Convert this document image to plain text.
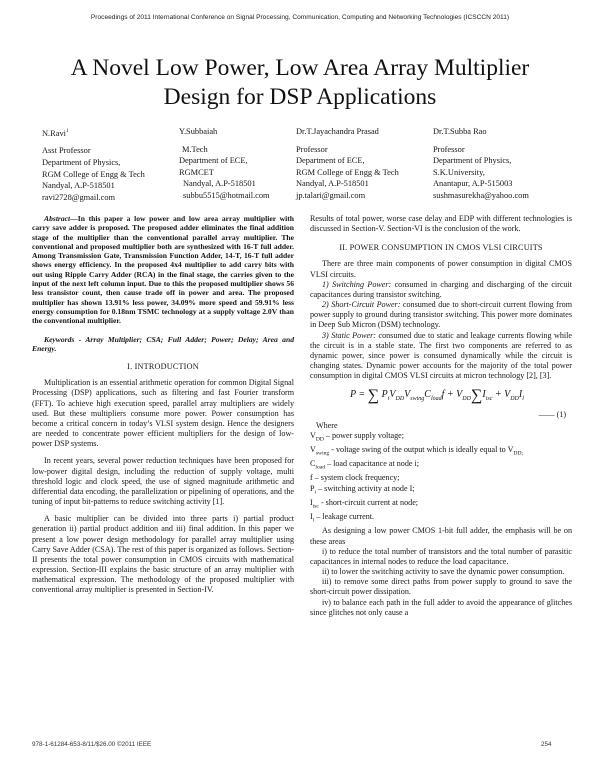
Proceedings of 2011 International Conference on Signal Processing, Communication, Computing and Networking Technologies (ICSCCN 2011)
A Novel Low Power, Low Area Array Multiplier
Design for DSP Applications
N.Ravi$^1$
Asst Professor
Department of Physics,
RGM College of Engg & Tech
Nandyal, A.P-518501
ravi2728@gmail.com
Y.Subbaiah
M.Tech
Department of ECE,
RGMCET
Nandyal, A.P-518501
subbu5515@hotmail.com
Dr.T.Jayachandra Prasad
Professor
Department of ECE,
RGM College of Engg & Tech
Nandyal, A.P-518501
jp.talari@gmail.com
Dr.T.Subba Rao
Professor
Department of Physics,
S.K.University,
Anantapur, A.P-515003
sushmasurekha@yahoo.com

Abstract—In this paper a low power and low area array multiplier with carry save adder is proposed. The proposed adder eliminates the final addition stage of the multiplier than the conventional parallel array multiplier. The conventional and proposed multiplier both are synthesized with 16-T full adder. Among Transmission Gate, Transmission Function Adder, 14-T, 16-T full adder shows energy efficiency. In the proposed 4x4 multiplier to add carry bits with out using Ripple Carry Adder (RCA) in the final stage, the carries given to the input of the next left column input. Due to this the proposed multiplier shows 56 less transistor count, then cause trade off in power and area. The proposed multiplier has shown 13.91% less power, 34.09% more speed and 59.91% less energy consumption for 0.18nm TSMC technology at a supply voltage 2.0V than the conventional multiplier.

Keywords - Array Multiplier; CSA; Full Adder; Power; Delay; Area and Energy.

I. INTRODUCTION

Multiplication is an essential arithmetic operation for common Digital Signal Processing (DSP) applications, such as filtering and fast Fourier transform (FFT). To achieve high execution speed, parallel array multipliers are widely used. But these multipliers consume more power. Power consumption has become a critical concern in today’s VLSI system design. Hence the designers are needed to concentrate power efficient multipliers for the design of low-power DSP systems.

In recent years, several power reduction techniques have been proposed for low-power digital design, including the reduction of supply voltage, multi threshold logic and clock speed, the use of signed magnitude arithmetic and differential data encoding, the parallelization or pipelining of operations, and the tuning of input bit-patterns to reduce switching activity [1].

A basic multiplier can be divided into three parts i) partial product generation ii) partial product addition and iii) final addition. In this paper we present a low power design methodology for parallel array multiplier using Carry Save Adder (CSA). The rest of this paper is organized as follows. Section-II presents the total power consumption in CMOS circuits with mathematical expression. Section-III explains the basic structure of an array multiplier with mathematical expression. The methodology of the proposed multiplier with conventional array multiplier is presented in Section-IV.

Results of total power, worse case delay and EDP with different technologies is discussed in Section-V. Section-VI is the conclusion of the work.

II. POWER CONSUMPTION IN CMOS VLSI CIRCUITS

There are three main components of power consumption in digital CMOS VLSI circuits.

1) Switching Power: consumed in charging and discharging of the circuit capacitances during transistor switching.

2) Short-Circuit Power: consumed due to short-circuit current flowing from power supply to ground during transistor switching. This power more dominates in Deep Sub Micron (DSM) technology.

3) Static Power: consumed due to static and leakage currents flowing while the circuit is in a stable state. The first two components are referred to as dynamic power, since power is consumed dynamically while the circuit is changing states. Dynamic power accounts for the majority of the total power consumption in digital CMOS VLSI circuits at micron technology [2], [3].

P = ∑ $P_iV_{DD}V_{swing}C_{load}f + V_{DD}\sum I_{isc} + V_{DD}I_l$
—— (1)

Where

$V_{DD}$ – power supply voltage;
$V_{swing}$ - voltage swing of the output which is ideally equal to $V_{DD;}$
$C_{load}$ – load capacitance at node i;
f – system clock frequency;
$P_i$ – switching activity at node I;
$I_{isc}$ - short-circuit current at node;
$I_l$ – leakage current.

As designing a low power CMOS 1-bit full adder, the emphasis will be on these areas

i) to reduce the total number of transistors and the total number of parasitic capacitances in internal nodes to reduce the load capacitance.

ii) to lower the switching activity to save the dynamic power consumption.

iii) to remove some direct paths from power supply to ground to save the short-circuit power dissipation.

iv) to balance each path in the full adder to avoid the appearance of glitches since glitches not only cause a

978-1-61284-653-8/11/$26.00 ©2011 IEEE	254
